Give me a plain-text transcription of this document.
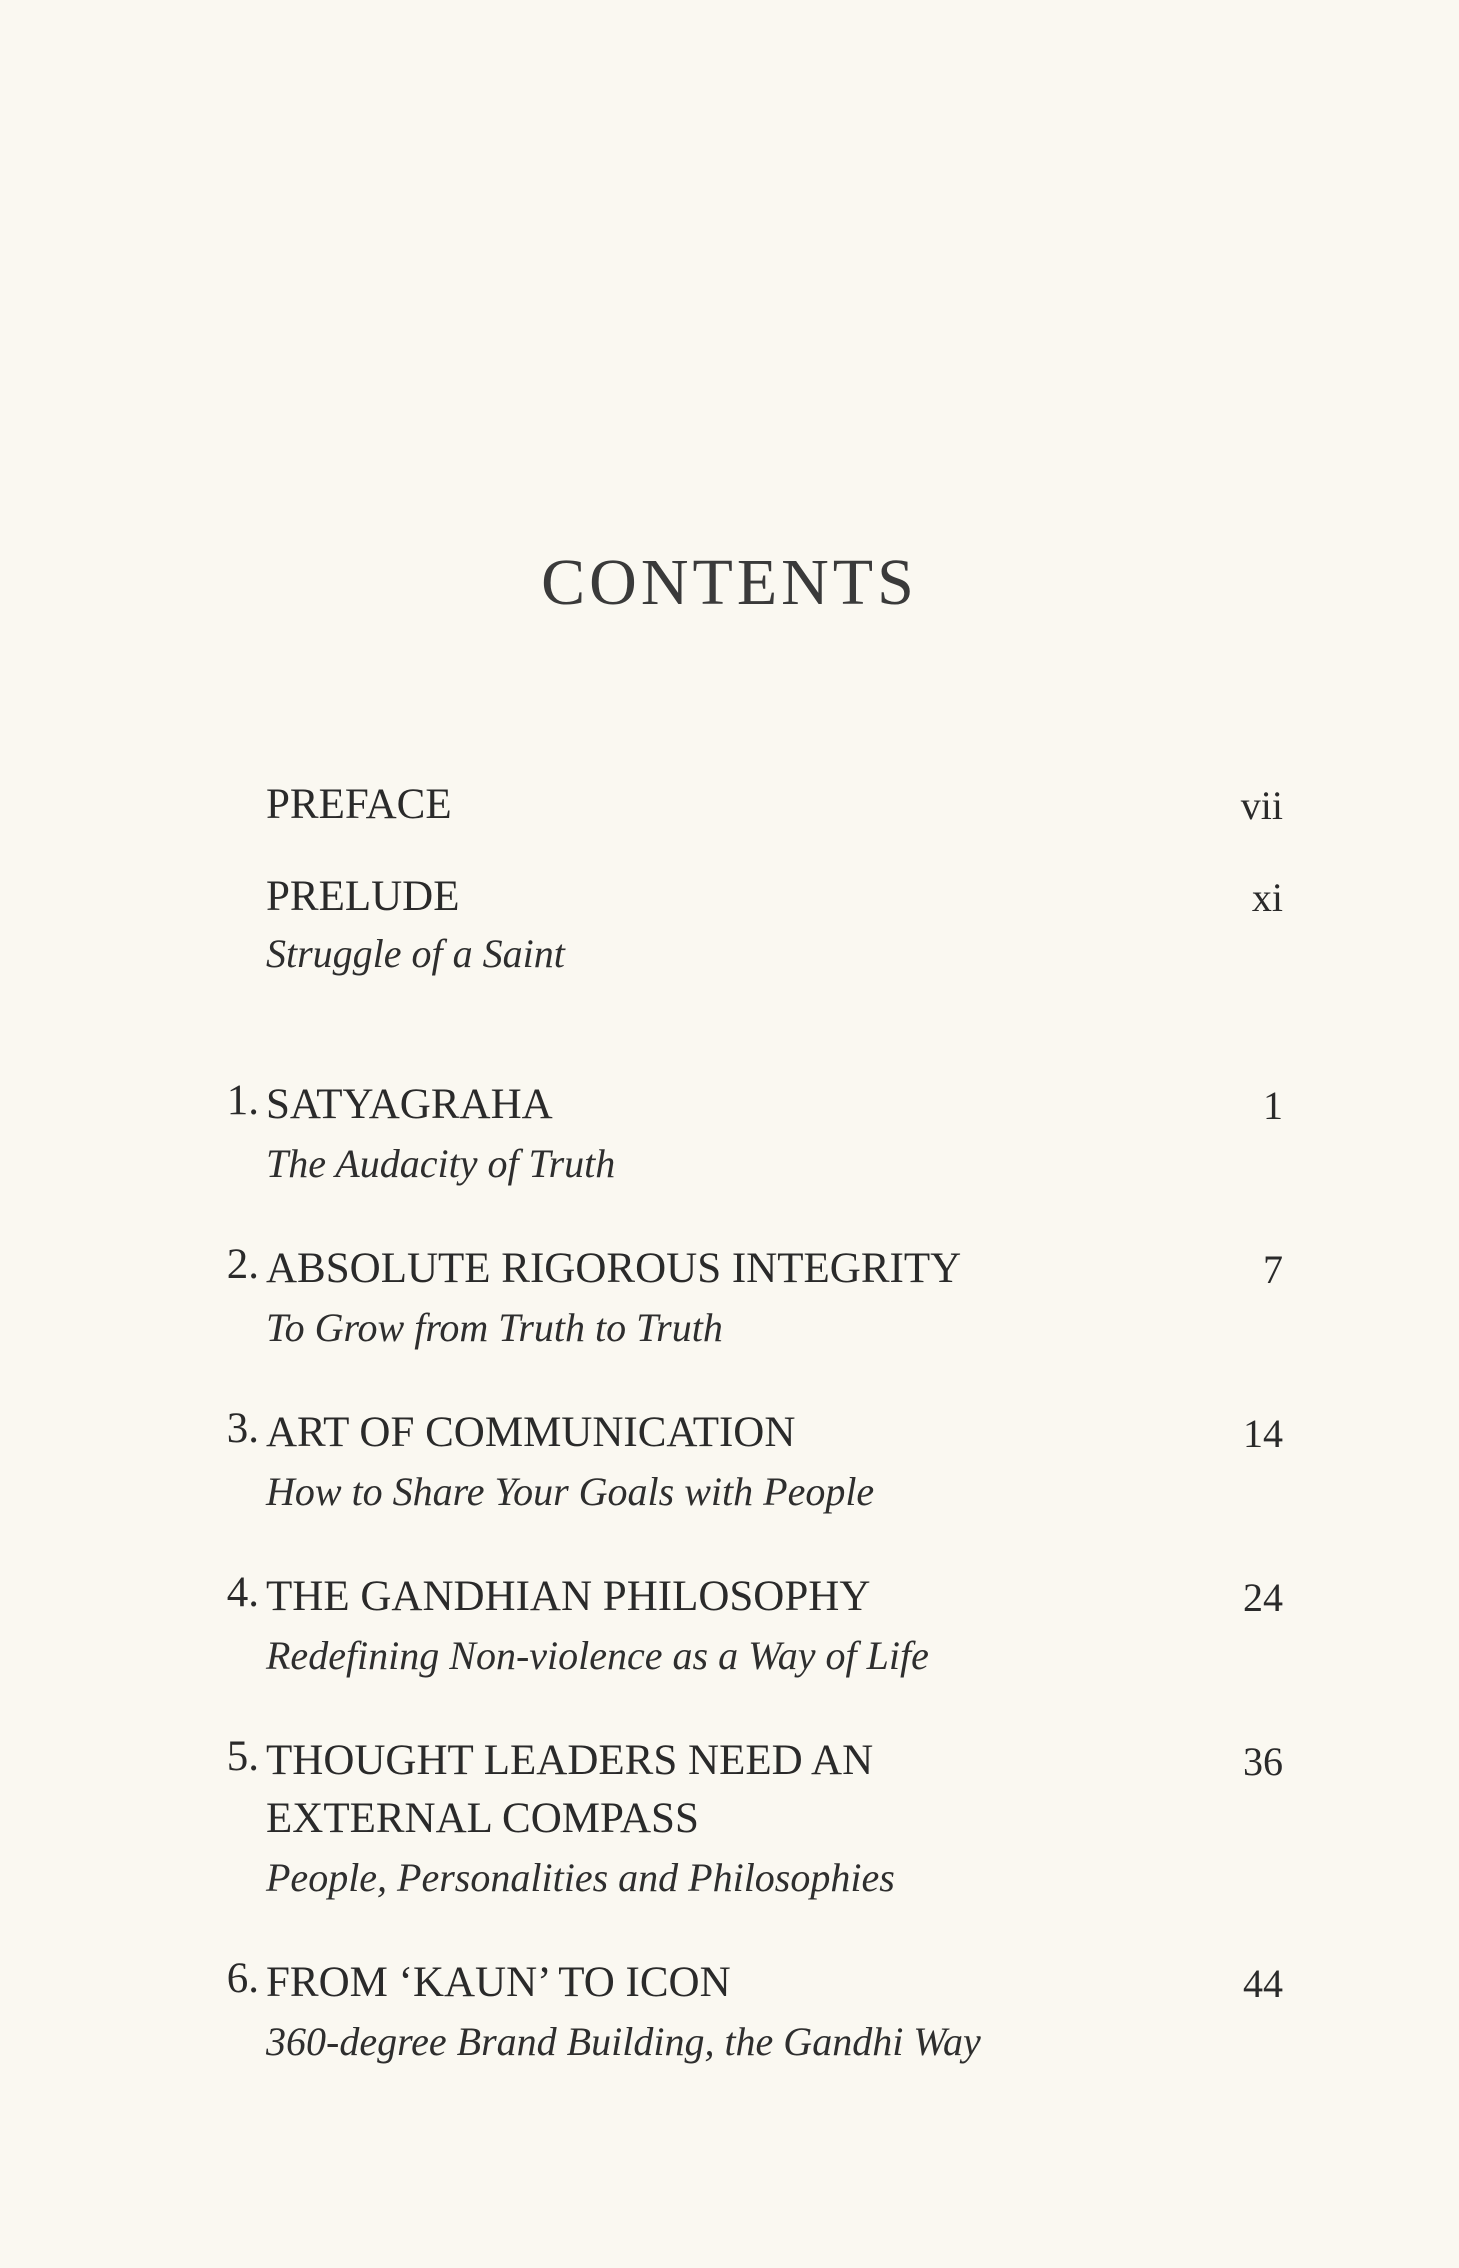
CONTENTS
PREFACE	vii
PRELUDE
Struggle of a Saint
xi
1. SATYAGRAHA
The Audacity of Truth
1
2. ABSOLUTE RIGOROUS INTEGRITY
To Grow from Truth to Truth
7
3. ART OF COMMUNICATION
How to Share Your Goals with People
14
4. THE GANDHIAN PHILOSOPHY
Redefining Non-violence as a Way of Life
24
5. THOUGHT LEADERS NEED AN
EXTERNAL COMPASS
People, Personalities and Philosophies
36
6. FROM ‘KAUN’ TO ICON
360-degree Brand Building, the Gandhi Way
44
